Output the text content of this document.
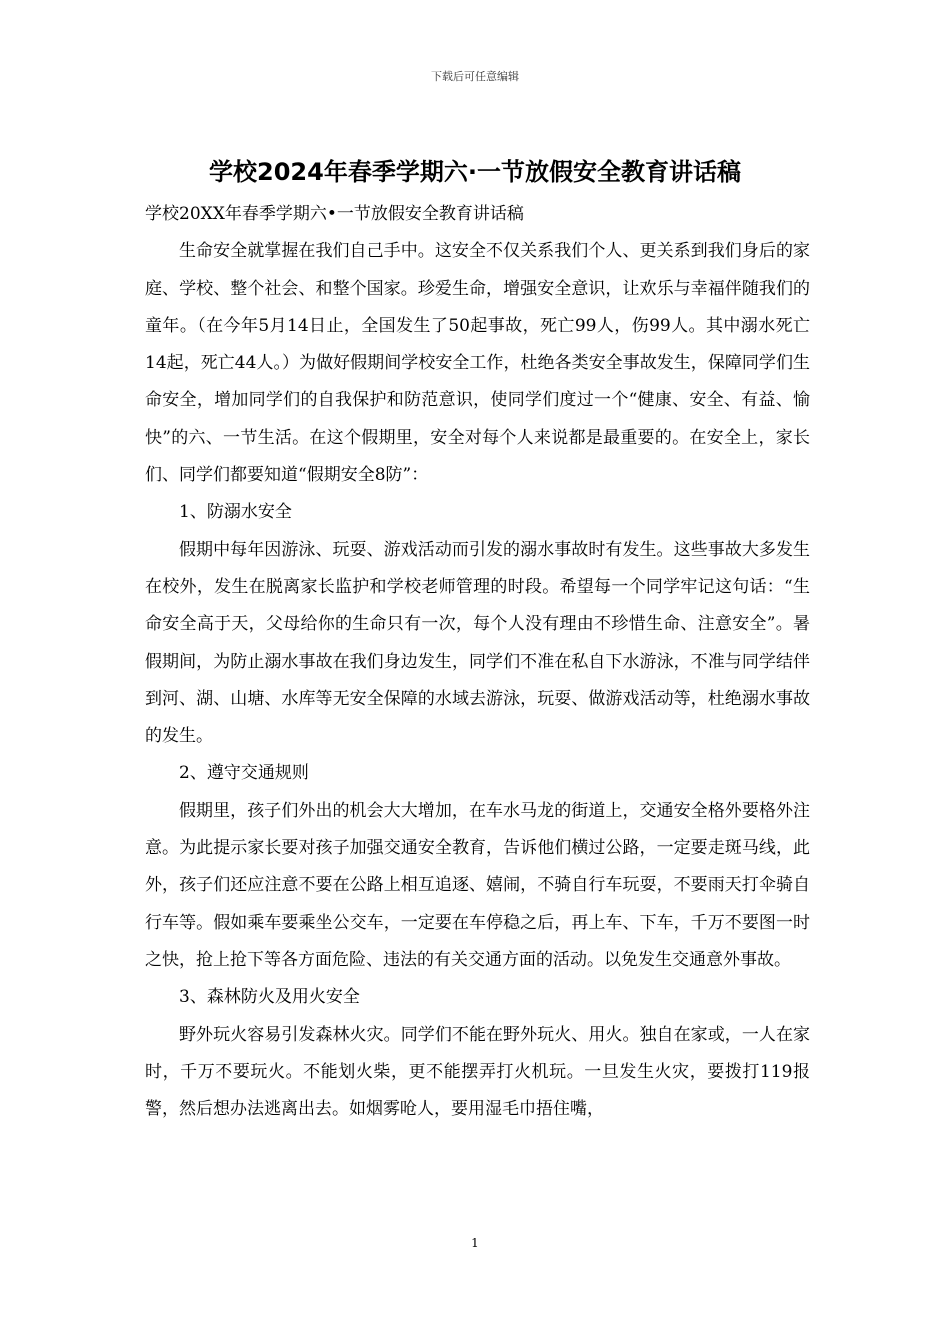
下载后可任意编辑
学校2024年春季学期六·一节放假安全教育讲话稿

学校20XX年春季学期六•一节放假安全教育讲话稿

生命安全就掌握在我们自己手中。这安全不仅关系我们个人、更关系到我们身后的家庭、学校、整个社会、和整个国家。珍爱生命，增强安全意识，让欢乐与幸福伴随我们的童年。（在今年5月14日止，全国发生了50起事故，死亡99人，伤99人。其中溺水死亡14起，死亡44人。）为做好假期间学校安全工作，杜绝各类安全事故发生，保障同学们生命安全，增加同学们的自我保护和防范意识，使同学们度过一个“健康、安全、有益、愉快”的六、一节生活。在这个假期里，安全对每个人来说都是最重要的。在安全上，家长们、同学们都要知道“假期安全8防”：

1、防溺水安全

假期中每年因游泳、玩耍、游戏活动而引发的溺水事故时有发生。这些事故大多发生在校外，发生在脱离家长监护和学校老师管理的时段。希望每一个同学牢记这句话：“生命安全高于天，父母给你的生命只有一次，每个人没有理由不珍惜生命、注意安全”。暑假期间，为防止溺水事故在我们身边发生，同学们不准在私自下水游泳，不准与同学结伴到河、湖、山塘、水库等无安全保障的水域去游泳，玩耍、做游戏活动等，杜绝溺水事故的发生。

2、遵守交通规则

假期里，孩子们外出的机会大大增加，在车水马龙的街道上，交通安全格外要格外注意。为此提示家长要对孩子加强交通安全教育，告诉他们横过公路，一定要走斑马线，此外，孩子们还应注意不要在公路上相互追逐、嬉闹，不骑自行车玩耍，不要雨天打伞骑自行车等。假如乘车要乘坐公交车，一定要在车停稳之后，再上车、下车，千万不要图一时之快，抢上抢下等各方面危险、违法的有关交通方面的活动。以免发生交通意外事故。

3、森林防火及用火安全

野外玩火容易引发森林火灾。同学们不能在野外玩火、用火。独自在家或，一人在家时，千万不要玩火。不能划火柴，更不能摆弄打火机玩。一旦发生火灾，要拨打119报警，然后想办法逃离出去。如烟雾呛人，要用湿毛巾捂住嘴，

1
